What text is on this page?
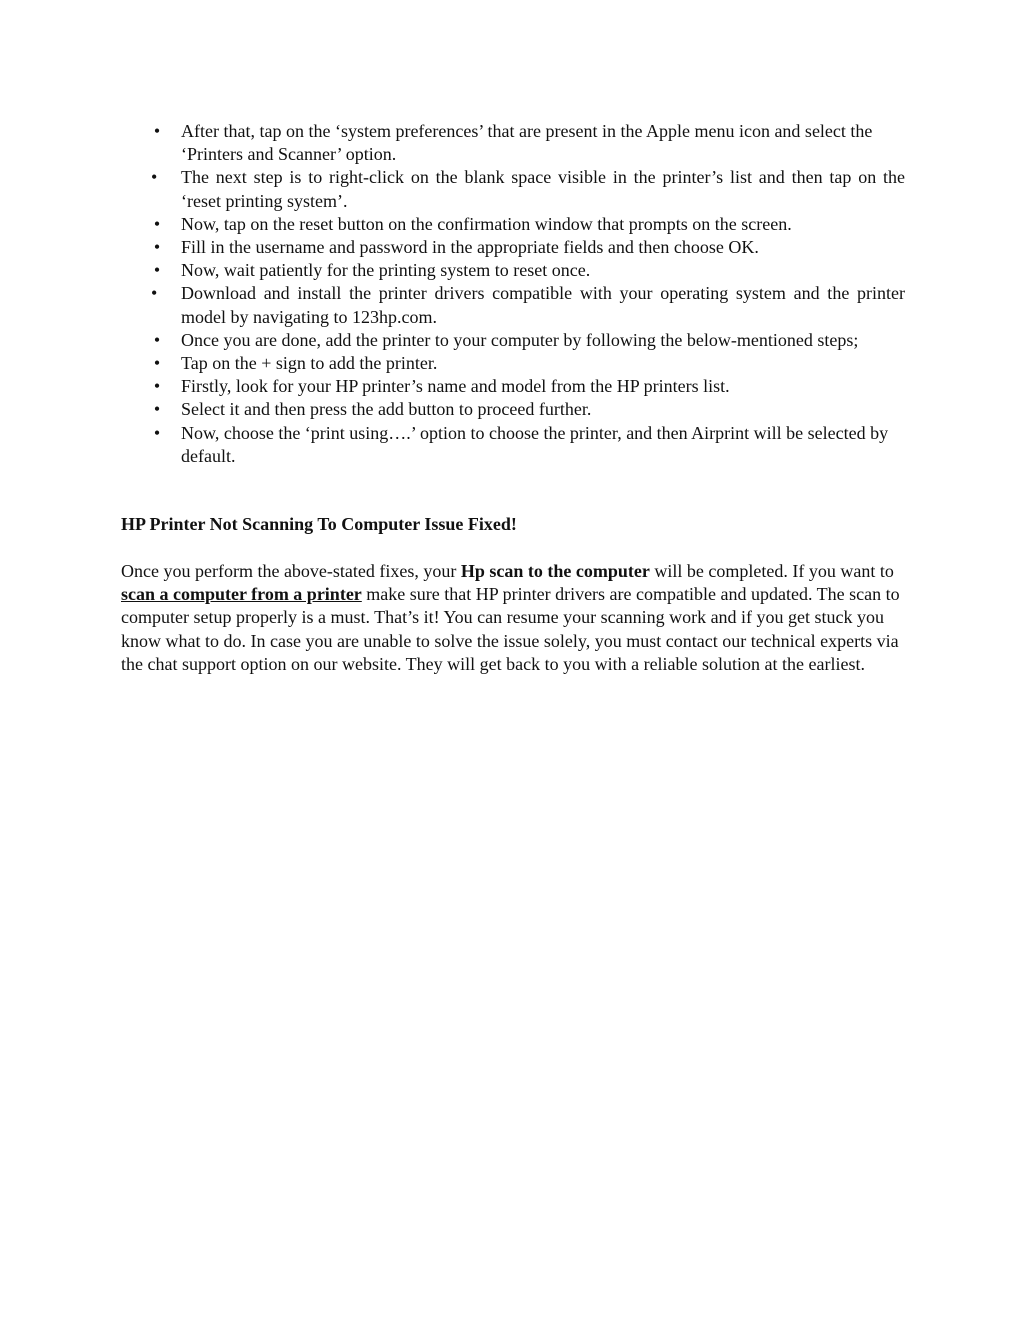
• After that, tap on the ‘system preferences’ that are present in the Apple menu icon and select the ‘Printers and Scanner’ option.
•	The next step is to right-click on the blank space visible in the printer’s list and then tap on the ‘reset printing system’.
• Now, tap on the reset button on the confirmation window that prompts on the screen.
• Fill in the username and password in the appropriate fields and then choose OK.
• Now, wait patiently for the printing system to reset once.
•	Download and install the printer drivers compatible with your operating system and the printer model by navigating to 123hp.com.
• Once you are done, add the printer to your computer by following the below-mentioned steps;
• Tap on the + sign to add the printer.
• Firstly, look for your HP printer’s name and model from the HP printers list.
• Select it and then press the add button to proceed further.
• Now, choose the ‘print using….’ option to choose the printer, and then Airprint will be selected by default.
HP Printer Not Scanning To Computer Issue Fixed!

Once you perform the above-stated fixes, your Hp scan to the computer will be completed. If you want to scan a computer from a printer make sure that HP printer drivers are compatible and updated. The scan to computer setup properly is a must. That’s it! You can resume your scanning work and if you get stuck you know what to do. In case you are unable to solve the issue solely, you must contact our technical experts via the chat support option on our website. They will get back to you with a reliable solution at the earliest.
